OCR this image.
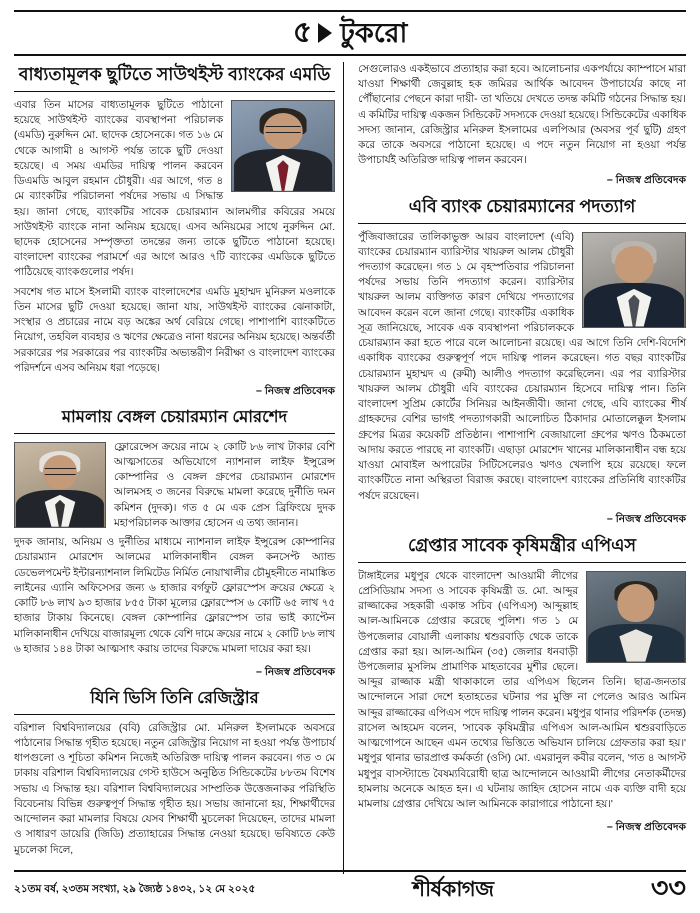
৫ টুকরো
বাধ্যতামূলক ছুটিতে সাউথইস্ট ব্যাংকের এমডি

এবার তিন মাসের বাধ্যতামূলক ছুটিতে পাঠানো হয়েছে সাউথইস্ট ব্যাংকের ব্যবস্থাপনা পরিচালক (এমডি) নুরুদ্দিন মো. ছাদেক হোসেনকে। গত ১৬ মে থেকে আগামী ৪ আগস্ট পর্যন্ত তাকে ছুটি দেওয়া হয়েছে। এ সময় এমডির দায়িত্ব পালন করবেন ডিএমডি আবুল রহমান চৌধুরী। এর আগে, গত ৪ মে ব্যাংকটির পরিচালনা পর্ষদের সভায় এ সিদ্ধান্ত হয়। জানা গেছে, ব্যাংকটির সাবেক চেয়ারম্যান আলমগীর কবিরের সময়ে সাউথইস্ট ব্যাংকে নানা অনিয়ম হয়েছে। এসব অনিয়মের সাথে নুরুদ্দিন মো. ছাদেক হোসেনের সম্পৃক্ততা তদন্তের জন্য তাকে ছুটিতে পাঠানো হয়েছে। বাংলাদেশ ব্যাংকের পরামর্শে এর আগে আরও ৭টি ব্যাংকের এমডিকে ছুটিতে পাঠিয়েছে ব্যাংকগুলোর পর্ষদ।

সবশেষ গত মাসে ইসলামী ব্যাংক বাংলাদেশের এমডি মুহাম্মদ মুনিরুল মওলাকে তিন মাসের ছুটি দেওয়া হয়েছে। জানা যায়, সাউথইস্ট ব্যাংকের ঝেনাকাটা, সংস্থার ও প্রচারের নামে বড় অঙ্কের অর্থ বেরিয়ে গেছে। পাশাপাশি ব্যাংকটিতে নিয়োগ, তহবিল ব্যবহার ও ঋণের ক্ষেত্রেও নানা ধরনের অনিয়ম হয়েছে। অন্তর্বর্তী সরকারের পর সরকারের পর ব্যাংকটির অভ্যন্তরীণ নিরীক্ষা ও বাংলাদেশ ব্যাংকের পরিদর্শনে এসব অনিয়ম ধরা পড়েছে।

– নিজস্ব প্রতিবেদক
মামলায় বেঙ্গল চেয়ারম্যান মোরশেদ

ফ্লোরেন্সেস ক্রয়ের নামে ২ কোটি ৮৬ লাখ টাকার বেশি আত্মসাতের অভিযোগে ন্যাশনাল লাইফ ইন্সুরেন্স কোম্পানির ও বেঙ্গল গ্রুপের চেয়ারম্যান মোরশেদ আলমসহ ৩ জনের বিরুদ্ধে মামলা করেছে দুর্নীতি দমন কমিশন (দুদক)। গত ৫ মে এক প্রেস ব্রিফিংয়ে দুদক মহাপরিচালক আক্তার হোসেন এ তথ্য জানান।

দুদক জানায়, অনিয়ম ও দুর্নীতির মাধ্যমে ন্যাশনাল লাইফ ইন্সুরেন্স কোম্পানির চেয়ারম্যান মোরশেদ আলমের মালিকানাধীন বেঙ্গল কনসেপ্ট অ্যান্ড ডেভেলপমেন্ট ইন্টারন্যাশনাল লিমিটেড নির্মিত নোয়াখালীর চৌমুহনীতে নামাঙ্কিত লাইনের এ্যানি অফিসেসর জন্য ৬ হাজার বর্গফুট ফ্লোরস্পেস ক্রয়ের ক্ষেত্রে ২ কোটি ৮৬ লাখ ৯৩ হাজার ৮৫৫ টাকা মূল্যের ফ্লোরস্পেস ৬ কোটি ৬৫ লাখ ৭৫ হাজার টাকায় কিনেছে। বেঙ্গল কোম্পানির ফ্লোরস্পেস তার ভাই ক্যাপ্টেন মালিকানাধীন দেখিয়ে বাজারমূল্য থেকে বেশি দামে ক্রয়ের নামে ২ কোটি ৮৬ লাখ ৬ হাজার ১৪৪ টাকা আত্মসাৎ করায় তাদের বিরুদ্ধে মামলা দায়ের করা হয়।

– নিজস্ব প্রতিবেদক
যিনি ভিসি তিনি রেজিস্ট্রার

বরিশাল বিশ্ববিদ্যালয়ের (ববি) রেজিস্ট্রার মো. মনিরুল ইসলামকে অবসরে পাঠানোর সিদ্ধান্ত গৃহীত হয়েছে। নতুন রেজিস্ট্রার নিয়োগ না হওয়া পর্যন্ত উপাচার্য ধাপগুলো ও শূচিতা কমিশন নিজেই অতিরিক্ত দায়িত্ব পালন করবেন। গত ৩ মে ঢাকায় বরিশাল বিশ্ববিদ্যালয়ের গেস্ট হাউসে অনুষ্ঠিত সিন্ডিকেটের ৮৮তম বিশেষ সভায় এ সিদ্ধান্ত হয়। বরিশাল বিশ্ববিদ্যালয়ের সাম্প্রতিক উত্তেজনাকর পরিস্থিতি বিবেচনায় বিভিন্ন গুরুত্বপূর্ণ সিদ্ধান্ত গৃহীত হয়। সভায় জানানো হয়, শিক্ষার্থীদের আন্দোলন করা মামলার বিষয়ে যেসব শিক্ষার্থী মুচলেকা দিয়েছেন, তাদের মামলা ও সাধারণ ডায়েরি (জিডি) প্রত্যাহারের সিদ্ধান্ত নেওয়া হয়েছে। ভবিষ্যতে কেউ মুচলেকা দিলে,

সেগুলোরও একইভাবে প্রত্যাহার করা হবে। আলোচনার একপর্যায়ে ক্যাম্পাসে মারা যাওয়া শিক্ষার্থী জেবুল্লাহ হক জমিরর আর্থিক আবেদন উপাচার্যের কাছে না পৌঁছানোর পেছনে কারা দায়ী- তা খতিয়ে দেখতে তদন্ত কমিটি গঠনের সিদ্ধান্ত হয়। এ কমিটির দায়িত্ব একজন সিন্ডিকেট সদস্যকে দেওয়া হয়েছে। সিন্ডিকেটের একাধিক সদস্য জানান, রেজিস্ট্রার মনিরুল ইসলামের এলপিআর (অবসর পূর্ব ছুটি) গ্রহণ করে তাকে অবসরে পাঠানো হয়েছে। এ পদে নতুন নিয়োগ না হওয়া পর্যন্ত উপাচার্যই অতিরিক্ত দায়িত্ব পালন করবেন।

– নিজস্ব প্রতিবেদক
এবি ব্যাংক চেয়ারম্যানের পদত্যাগ

পুঁজিবাজারের তালিকাভুক্ত আরব বাংলাদেশ (এবি) ব্যাংকের চেয়ারম্যান ব্যারিস্টার খায়রুল আলম চৌধুরী পদত্যাগ করেছেন। গত ১ মে বৃহস্পতিবার পরিচালনা পর্ষদের সভায় তিনি পদত্যাগ করেন। ব্যারিস্টার খায়রুল আলম ব্যক্তিগত কারণ দেখিয়ে পদত্যাগের আবেদন করেন বলে জানা গেছে। ব্যাংকটির একাধিক সূত্র জানিয়েছে, সাবেক এক ব্যবস্থাপনা পরিচালককে চেয়ারম্যান করা হতে পারে বলে আলোচনা রয়েছে। এর আগে তিনি দেশি-বিদেশি একাধিক ব্যাংকের গুরুত্বপূর্ণ পদে দায়িত্ব পালন করেছেন। গত বছর ব্যাংকটির চেয়ারম্যান মুহাম্মদ এ (রুমী) আলীও পদত্যাগ করেছিলেন। এর পর ব্যারিস্টার খায়রুল আলম চৌধুরী এবি ব্যাংকের চেয়ারম্যান হিসেবে দায়িত্ব পান। তিনি বাংলাদেশ সুপ্রিম কোর্টের সিনিয়র আইনজীবী। জানা গেছে, এবি ব্যাংকের শীর্ষ গ্রাহকদের বেশির ভাগই পদত্যাগকারী আলোচিত ঠিকাদার মোতালেক্কুল ইসলাম গ্রুপের মিত্রর কয়েকটি প্রতিষ্ঠান। পাশাপাশি বেজায়ালো গ্রুপের ঋণও ঠিকমতো আদায় করতে পারছে না ব্যাংকটি। এছাড়া মোরশেদ খানের মালিকানাধীন বন্ধ হয়ে যাওয়া মোবাইল অপারেটর সিটিসেলেরও ঋণও খেলাপি হয়ে রয়েছে। ফলে ব্যাংকটিতে নানা অস্থিরতা বিরাজ করছে। বাংলাদেশ ব্যাংকের প্রতিনিধি ব্যাংকটির পর্ষদে রয়েছেন।

– নিজস্ব প্রতিবেদক
গ্রেপ্তার সাবেক কৃষিমন্ত্রীর এপিএস

টাঙ্গাইলের মধুপুর থেকে বাংলাদেশ আওয়ামী লীগের প্রেসিডিয়াম সদস্য ও সাবেক কৃষিমন্ত্রী ড. মো. আব্দুর রাজ্জাকের সহকারী একান্ত সচিব (এপিএস) আব্দুল্লাহ আল-আমিনকে গ্রেপ্তার করেছে পুলিশ। গত ১ মে উপজেলার বোয়ালী এলাকায় শ্বশুরবাড়ি থেকে তাকে গ্রেপ্তার করা হয়। আল-আমিন (৩৫) জেলার ধনবাড়ী উপজেলার মুসলিম প্রামাণিক মাহতাবের মুশীর ছেলে। আব্দুর রাজ্জাক মন্ত্রী থাকাকালে তার এপিএস ছিলেন তিনি। ছাত্র-জনতার আন্দোলনে সারা দেশে হতাহতের ঘটনার পর মুক্তি না পেলেও আরও আমিন আব্দুর রাজ্জাকের এপিএস পদে দায়িত্ব পালন করেন। মধুপুর থানার পরিদর্শক (তদন্ত) রাসেল আহমেদ বলেন, 'সাবেক কৃষিমন্ত্রীর এপিএস আল-আমিন শ্বশুরবাড়িতে আত্মগোপনে আছেন এমন তথ্যের ভিত্তিতে অভিযান চালিয়ে গ্রেফতার করা হয়।' মধুপুর থানার ভারপ্রাপ্ত কর্মকর্তা (ওসি) মো. এমরানুল কবীর বলেন, 'গত ৪ আগস্ট মধুপুর বাসস্ট্যান্ডে বৈষম্যবিরোধী ছাত্র আন্দোলনে আওয়ামী লীগের নেতাকর্মীদের হামলায় অনেকে আহত হন। এ ঘটনায় জাহিদ হোসেন নামে এক ব্যক্তি বাদী হয়ে মামলায় গ্রেপ্তার দেখিয়ে আল আমিনকে কারাগারে পাঠানো হয়।'

– নিজস্ব প্রতিবেদক
২১তম বর্ষ, ২৩তম সংখ্যা, ২৯ জ্যৈষ্ঠ ১৪৩২, ১২ মে ২০২৫	শীর্ষকাগজ	৩৩
